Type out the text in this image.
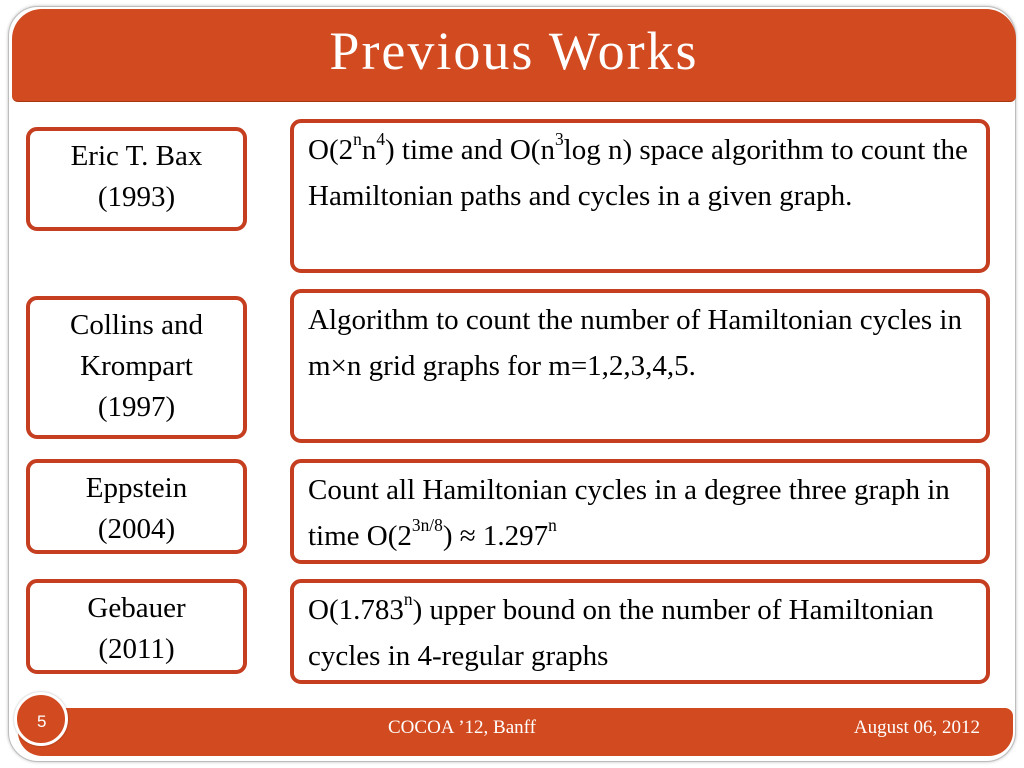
Previous Works
Eric T. Bax
(1993)
$O(2^nn^4)$ time and $O(n^3\log$ n) space algorithm to count the Hamiltonian paths and cycles in a given graph.
Collins and
Krompart
(1997)
Algorithm to count the number of Hamiltonian cycles in m×n grid graphs for m=1,2,3,4,5.
Eppstein
(2004)
Count all Hamiltonian cycles in a degree three graph in time $O(2^{3n/8}) \approx 1.297^n$
Gebauer
(2011)
O(1.783$^n$) upper bound on the number of Hamiltonian cycles in 4-regular graphs
5	COCOA ’12, Banff	August 06, 2012
